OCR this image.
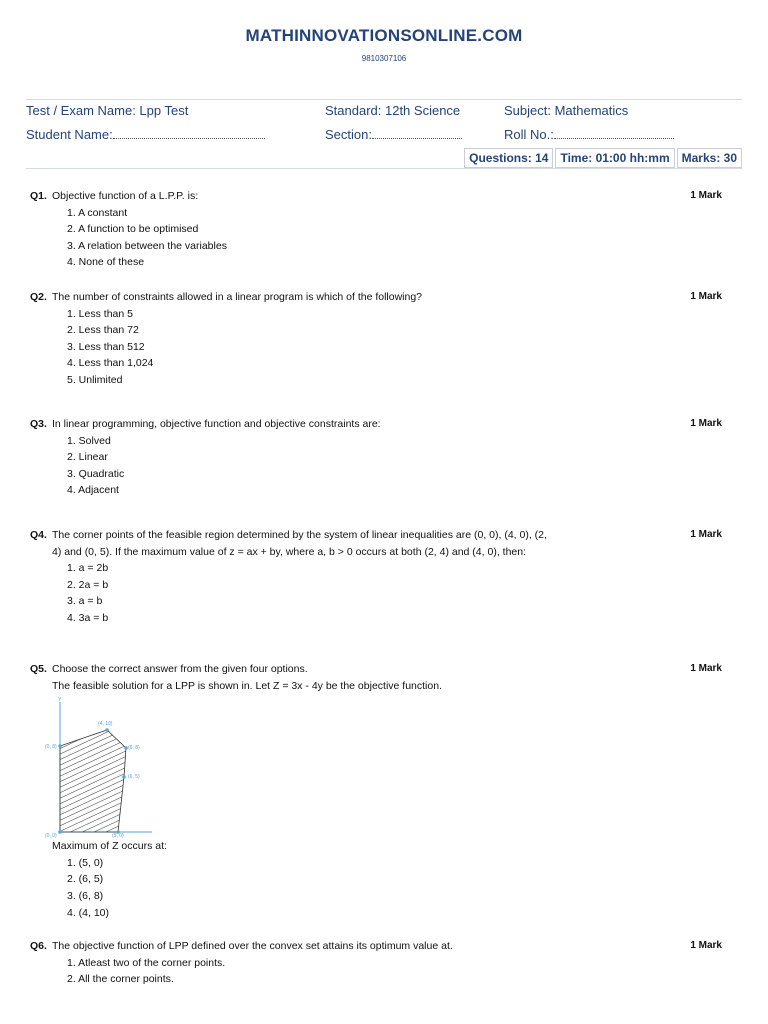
MATHINNOVATIONSONLINE.COM
9810307106
Test / Exam Name: Lpp Test	Standard: 12th Science	Subject: Mathematics
Student Name:	Section:	Roll No.:
Questions: 14	Time: 01:00 hh:mm	Marks: 30
Q1.	1 Mark
Objective function of a L.P.P. is:
1. A constant
2. A function to be optimised
3. A relation between the variables
4. None of these
Q2.	1 Mark
The number of constraints allowed in a linear program is which of the following?
1. Less than 5
2. Less than 72
3. Less than 512
4. Less than 1,024
5. Unlimited
Q3.	1 Mark
In linear programming, objective function and objective constraints are:
1. Solved
2. Linear
3. Quadratic
4. Adjacent
Q4.	1 Mark
The corner points of the feasible region determined by the system of linear inequalities are (0, 0), (4, 0), (2, 4) and (0, 5). If the maximum value of z = ax + by, where a, b > 0 occurs at both (2, 4) and (4, 0), then:
1. a = 2b
2. 2a = b
3. a = b
4. 3a = b
Q5.	1 Mark
Choose the correct answer from the given four options.
The feasible solution for a LPP is shown in. Let Z = 3x - 4y be the objective function.
Y
(4, 10)
(0, 8)	(6, 8)
(6, 5)
(0, 0)	(5, 0)
Maximum of Z occurs at:
1. (5, 0)
2. (6, 5)
3. (6, 8)
4. (4, 10)
Q6.	1 Mark
The objective function of LPP defined over the convex set attains its optimum value at.
1. Atleast two of the corner points.
2. All the corner points.
